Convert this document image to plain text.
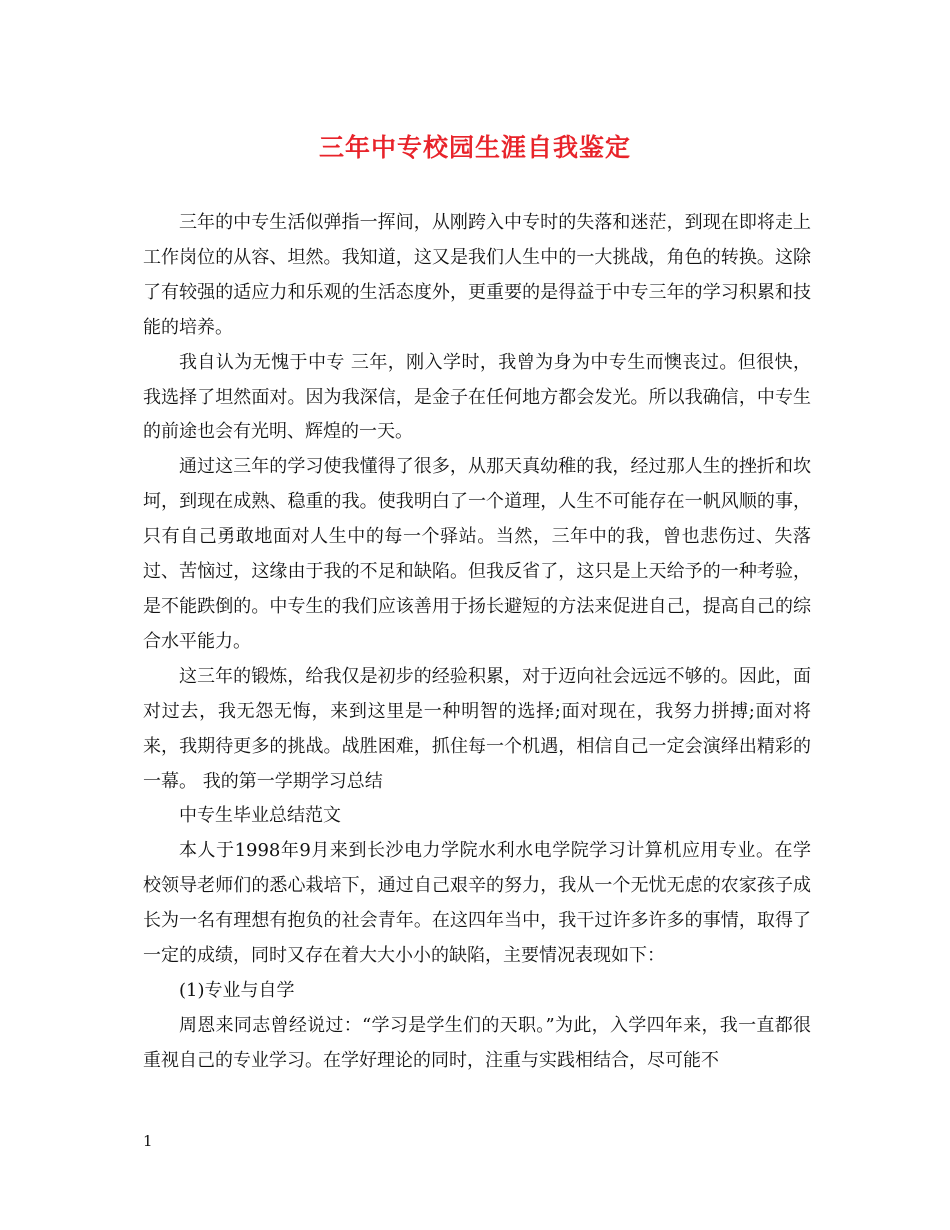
三年中专校园生涯自我鉴定

三年的中专生活似弹指一挥间，从刚跨入中专时的失落和迷茫，到现在即将走上工作岗位的从容、坦然。我知道，这又是我们人生中的一大挑战，角色的转换。这除了有较强的适应力和乐观的生活态度外，更重要的是得益于中专三年的学习积累和技能的培养。

我自认为无愧于中专 三年，刚入学时，我曾为身为中专生而懊丧过。但很快，我选择了坦然面对。因为我深信，是金子在任何地方都会发光。所以我确信，中专生的前途也会有光明、辉煌的一天。

通过这三年的学习使我懂得了很多，从那天真幼稚的我，经过那人生的挫折和坎坷，到现在成熟、稳重的我。使我明白了一个道理，人生不可能存在一帆风顺的事，只有自己勇敢地面对人生中的每一个驿站。当然，三年中的我，曾也悲伤过、失落过、苦恼过，这缘由于我的不足和缺陷。但我反省了，这只是上天给予的一种考验，是不能跌倒的。中专生的我们应该善用于扬长避短的方法来促进自己，提高自己的综合水平能力。

这三年的锻炼，给我仅是初步的经验积累，对于迈向社会远远不够的。因此，面对过去，我无怨无悔，来到这里是一种明智的选择;面对现在，我努力拼搏;面对将来，我期待更多的挑战。战胜困难，抓住每一个机遇，相信自己一定会演绎出精彩的一幕。 我的第一学期学习总结

中专生毕业总结范文

本人于1998年9月来到长沙电力学院水利水电学院学习计算机应用专业。在学校领导老师们的悉心栽培下，通过自己艰辛的努力，我从一个无忧无虑的农家孩子成长为一名有理想有抱负的社会青年。在这四年当中，我干过许多许多的事情，取得了一定的成绩，同时又存在着大大小小的缺陷，主要情况表现如下：

(1)专业与自学

周恩来同志曾经说过：“学习是学生们的天职。”为此，入学四年来，我一直都很重视自己的专业学习。在学好理论的同时，注重与实践相结合，尽可能不

1
